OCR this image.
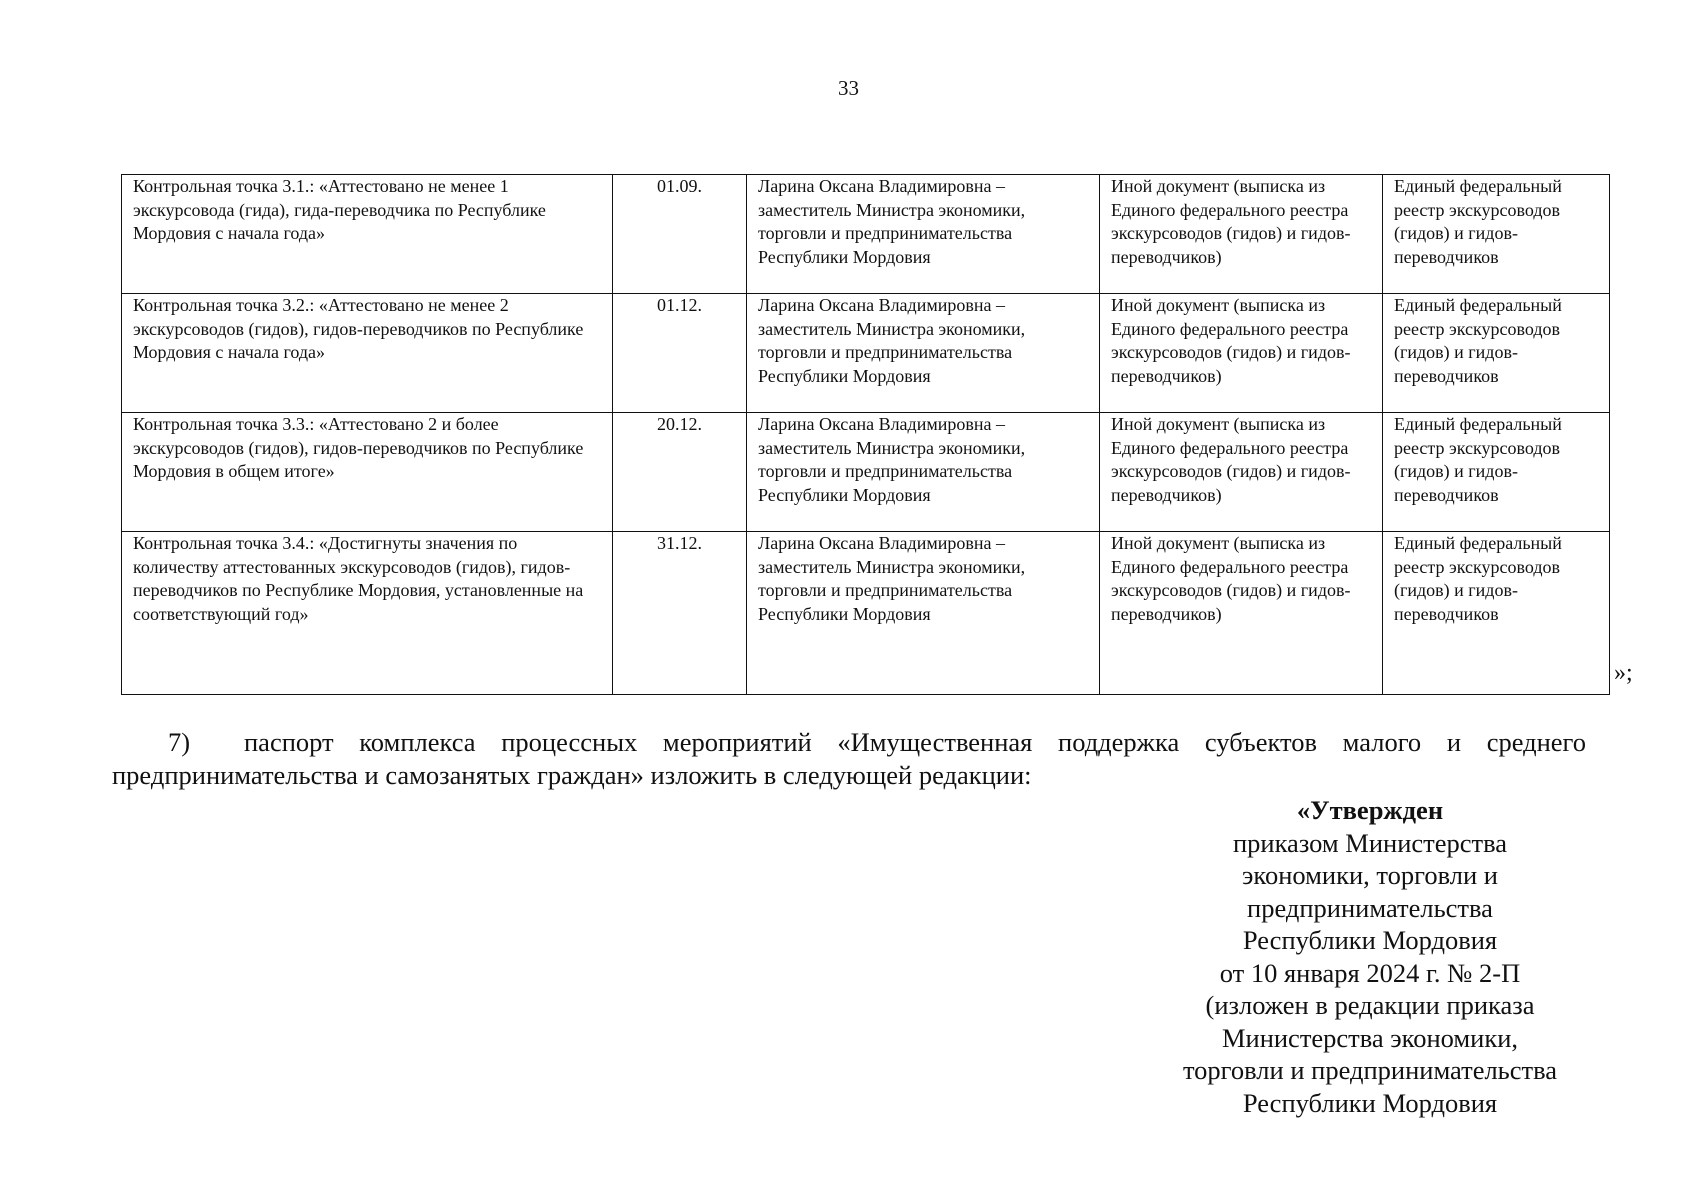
33
Контрольная точка 3.1.: «Аттестовано не менее 1 экскурсовода (гида), гида-переводчика по Республике Мордовия с начала года»	01.09.	Ларина Оксана Владимировна – заместитель Министра экономики, торговли и предпринимательства Республики Мордовия	Иной документ (выписка из Единого федерального реестра экскурсоводов (гидов) и гидов-переводчиков)	Единый федеральный реестр экскурсоводов (гидов) и гидов-переводчиков
Контрольная точка 3.2.: «Аттестовано не менее 2 экскурсоводов (гидов), гидов-переводчиков по Республике Мордовия с начала года»	01.12.	Ларина Оксана Владимировна – заместитель Министра экономики, торговли и предпринимательства Республики Мордовия	Иной документ (выписка из Единого федерального реестра экскурсоводов (гидов) и гидов-переводчиков)	Единый федеральный реестр экскурсоводов (гидов) и гидов-переводчиков
Контрольная точка 3.3.: «Аттестовано 2 и более экскурсоводов (гидов), гидов-переводчиков по Республике Мордовия в общем итоге»	20.12.	Ларина Оксана Владимировна – заместитель Министра экономики, торговли и предпринимательства Республики Мордовия	Иной документ (выписка из Единого федерального реестра экскурсоводов (гидов) и гидов-переводчиков)	Единый федеральный реестр экскурсоводов (гидов) и гидов-переводчиков
Контрольная точка 3.4.: «Достигнуты значения по количеству аттестованных экскурсоводов (гидов), гидов-переводчиков по Республике Мордовия, установленные на соответствующий год»	31.12.	Ларина Оксана Владимировна – заместитель Министра экономики, торговли и предпринимательства Республики Мордовия	Иной документ (выписка из Единого федерального реестра экскурсоводов (гидов) и гидов-переводчиков)	Единый федеральный реестр экскурсоводов (гидов) и гидов-переводчиков
»;
7) паспорт комплекса процессных мероприятий «Имущественная поддержка субъектов малого и среднего предпринимательства и самозанятых граждан» изложить в следующей редакции:
«Утвержден
приказом Министерства
экономики, торговли и
предпринимательства
Республики Мордовия
от 10 января 2024 г. № 2-П
(изложен в редакции приказа
Министерства экономики,
торговли и предпринимательства
Республики Мордовия
